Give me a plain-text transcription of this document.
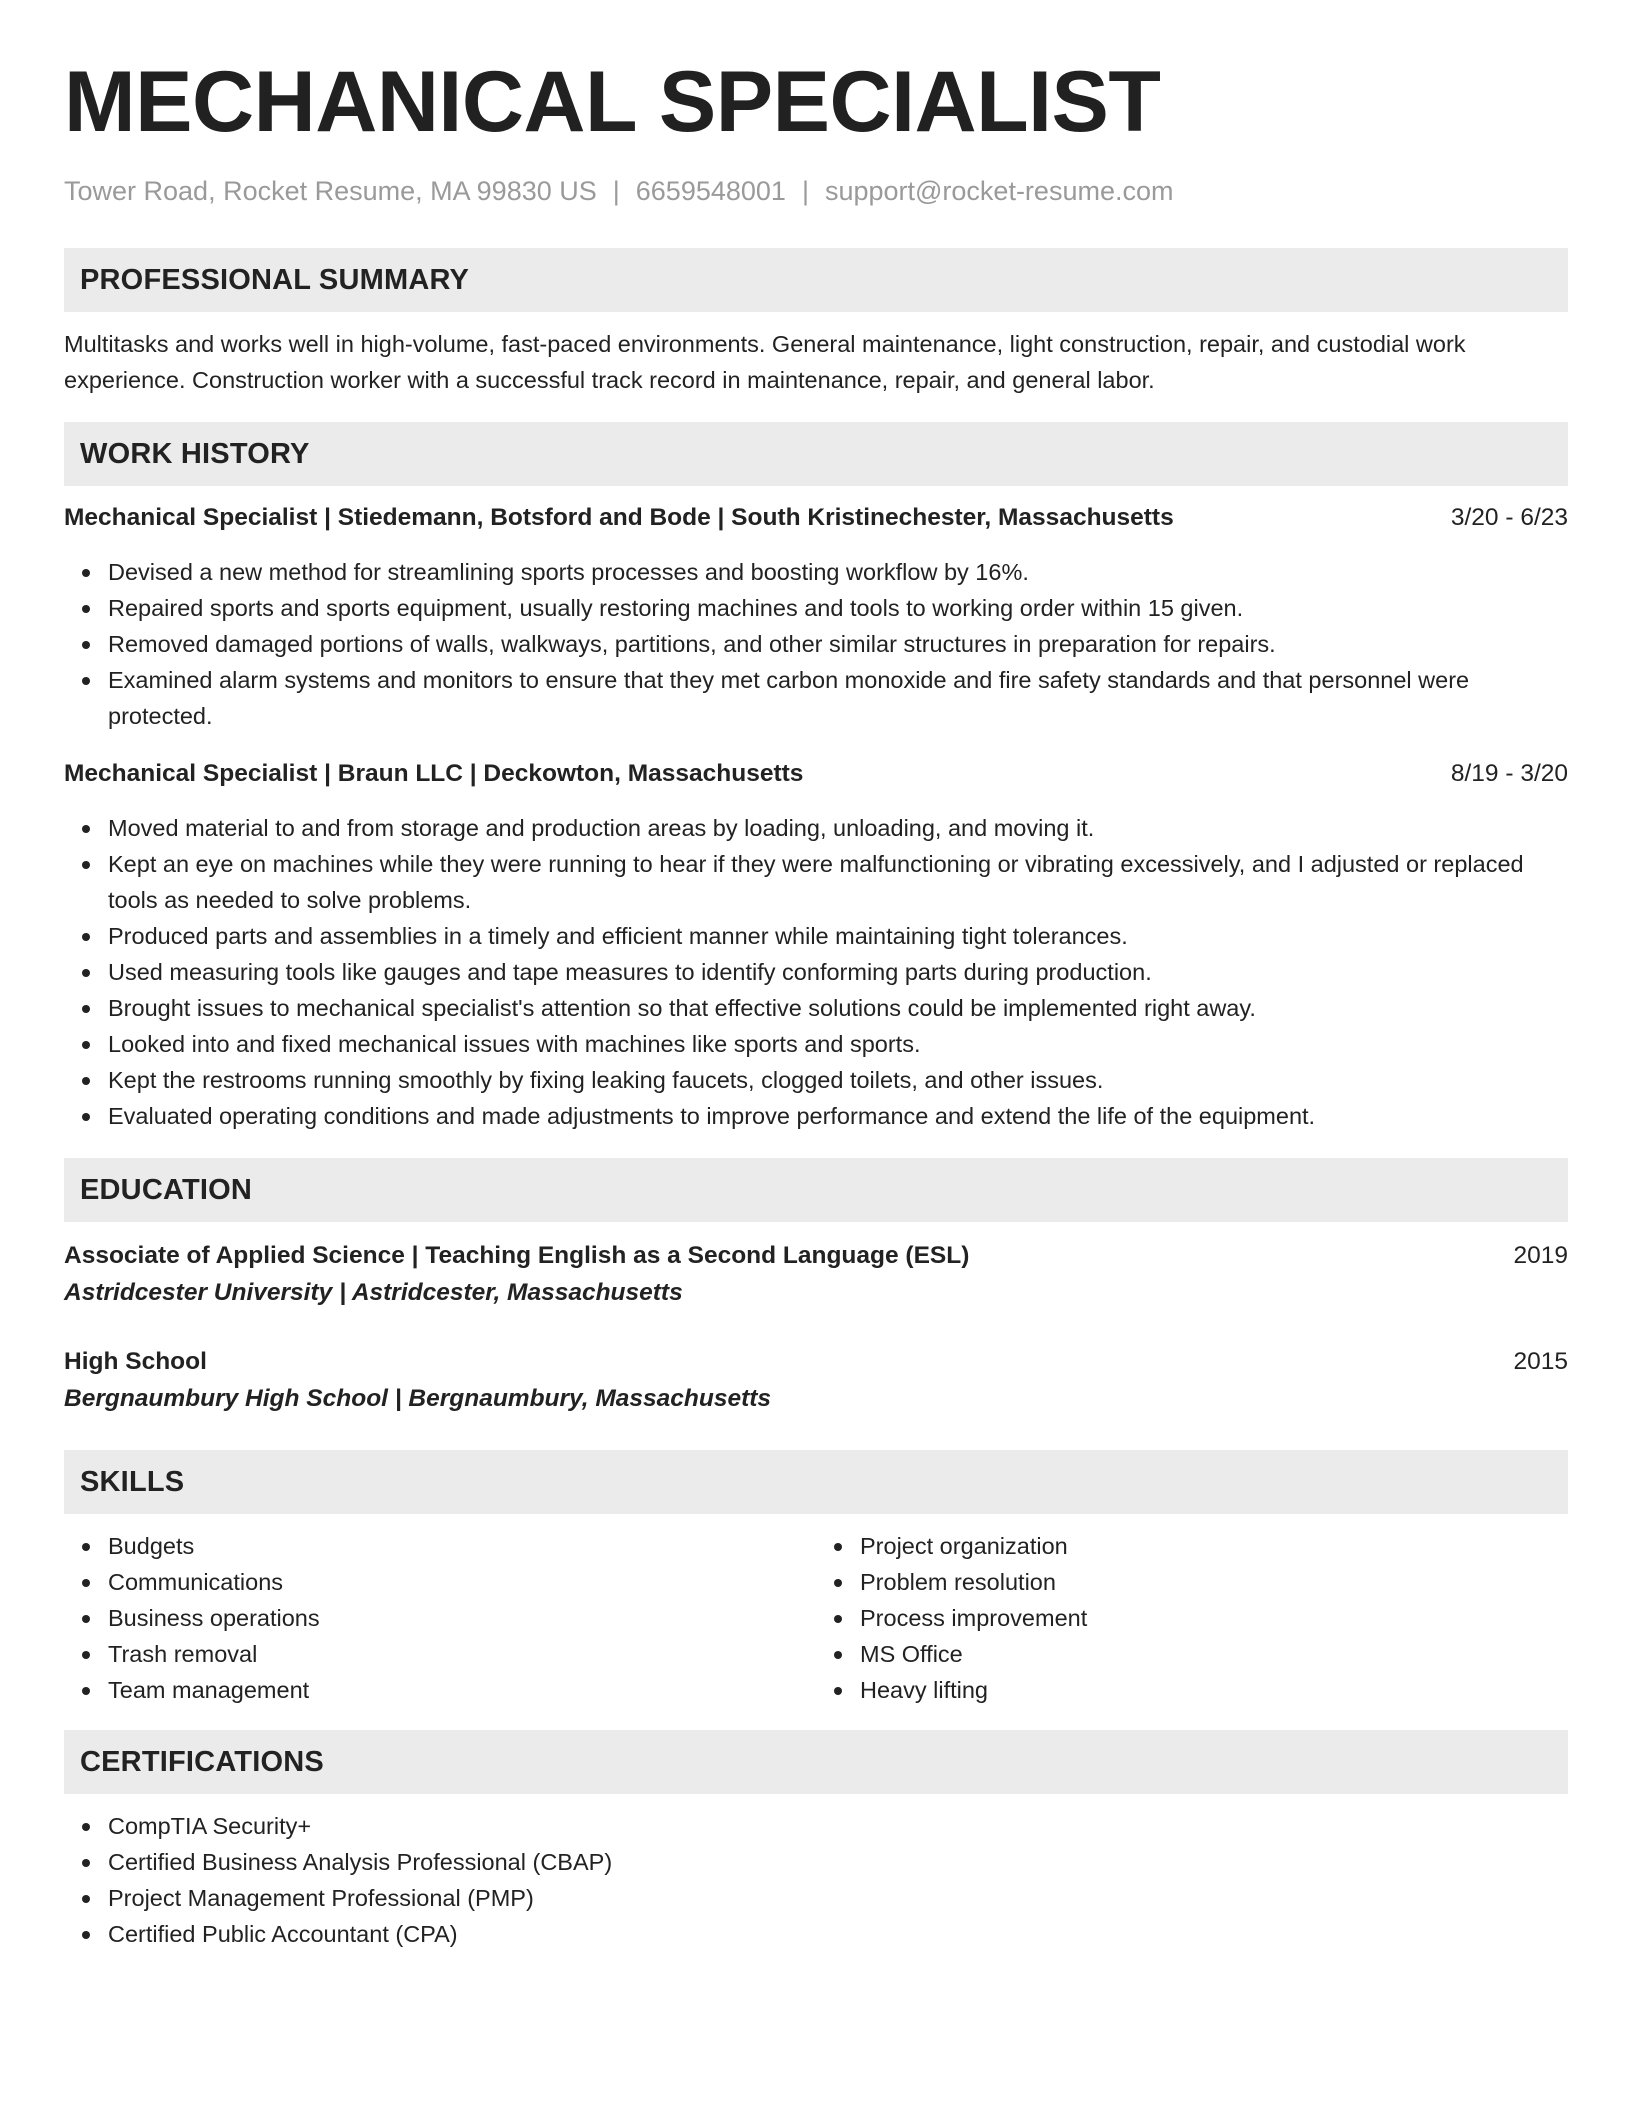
MECHANICAL SPECIALIST
Tower Road, Rocket Resume, MA 99830 US | 6659548001 | support@rocket-resume.com
PROFESSIONAL SUMMARY
Multitasks and works well in high-volume, fast-paced environments. General maintenance, light construction, repair, and custodial work experience. Construction worker with a successful track record in maintenance, repair, and general labor.
WORK HISTORY
Mechanical Specialist | Stiedemann, Botsford and Bode | South Kristinechester, Massachusetts	3/20 - 6/23
Devised a new method for streamlining sports processes and boosting workflow by 16%.
Repaired sports and sports equipment, usually restoring machines and tools to working order within 15 given.
Removed damaged portions of walls, walkways, partitions, and other similar structures in preparation for repairs.
Examined alarm systems and monitors to ensure that they met carbon monoxide and fire safety standards and that personnel were protected.
Mechanical Specialist | Braun LLC | Deckowton, Massachusetts	8/19 - 3/20
Moved material to and from storage and production areas by loading, unloading, and moving it.
Kept an eye on machines while they were running to hear if they were malfunctioning or vibrating excessively, and I adjusted or replaced tools as needed to solve problems.
Produced parts and assemblies in a timely and efficient manner while maintaining tight tolerances.
Used measuring tools like gauges and tape measures to identify conforming parts during production.
Brought issues to mechanical specialist's attention so that effective solutions could be implemented right away.
Looked into and fixed mechanical issues with machines like sports and sports.
Kept the restrooms running smoothly by fixing leaking faucets, clogged toilets, and other issues.
Evaluated operating conditions and made adjustments to improve performance and extend the life of the equipment.
EDUCATION
Associate of Applied Science | Teaching English as a Second Language (ESL)	2019
Astridcester University | Astridcester, Massachusetts
High School	2015
Bergnaumbury High School | Bergnaumbury, Massachusetts
SKILLS
Budgets
Communications
Business operations
Trash removal
Team management
Project organization
Problem resolution
Process improvement
MS Office
Heavy lifting
CERTIFICATIONS
CompTIA Security+
Certified Business Analysis Professional (CBAP)
Project Management Professional (PMP)
Certified Public Accountant (CPA)
